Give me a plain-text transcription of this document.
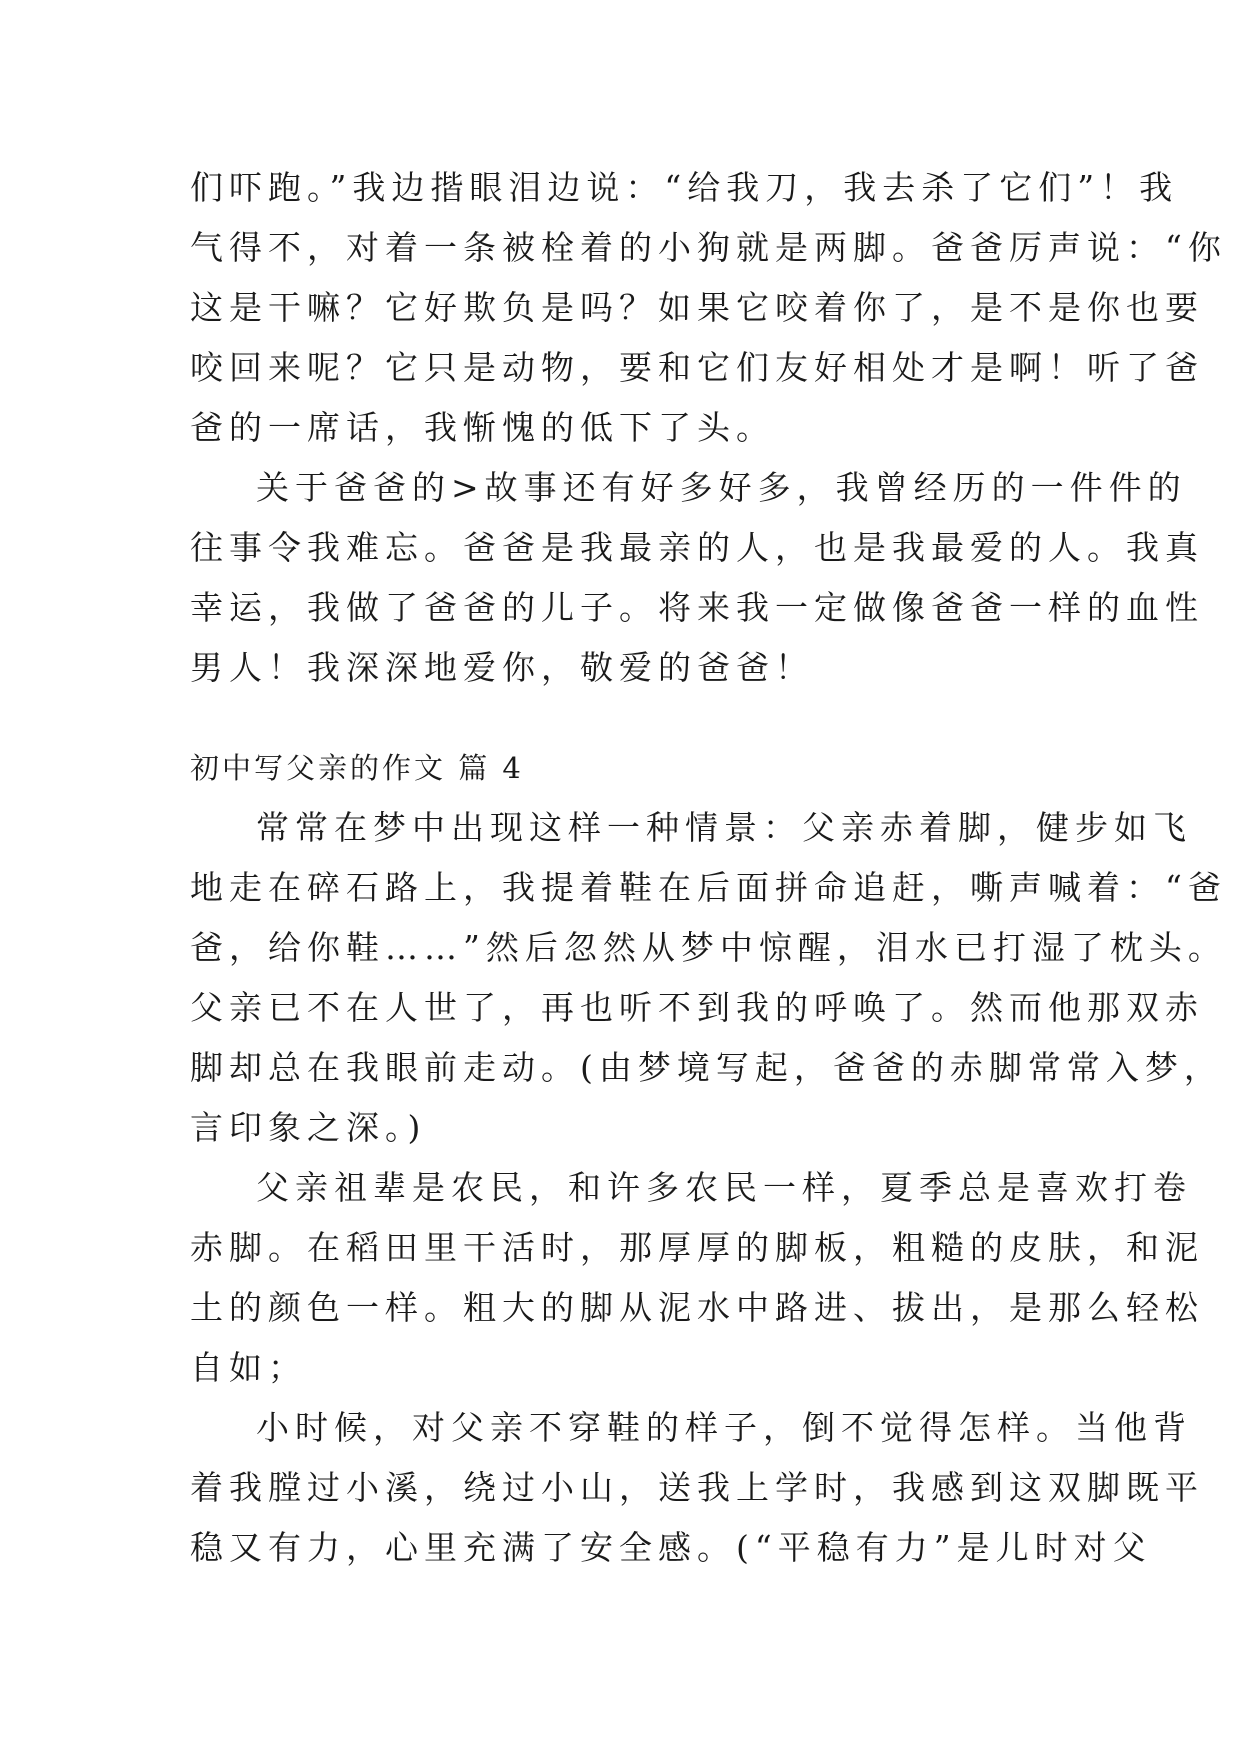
们吓跑。”我边揩眼泪边说：“给我刀，我去杀了它们”！我
气得不，对着一条被栓着的小狗就是两脚。爸爸厉声说：“你
这是干嘛？它好欺负是吗？如果它咬着你了，是不是你也要
咬回来呢？它只是动物，要和它们友好相处才是啊！听了爸
爸的一席话，我惭愧的低下了头。
关于爸爸的>故事还有好多好多，我曾经历的一件件的
往事令我难忘。爸爸是我最亲的人，也是我最爱的人。我真
幸运，我做了爸爸的儿子。将来我一定做像爸爸一样的血性
男人！我深深地爱你，敬爱的爸爸！
初中写父亲的作文 篇 4
常常在梦中出现这样一种情景：父亲赤着脚，健步如飞
地走在碎石路上，我提着鞋在后面拼命追赶，嘶声喊着：“爸
爸，给你鞋……”然后忽然从梦中惊醒，泪水已打湿了枕头。
父亲已不在人世了，再也听不到我的呼唤了。然而他那双赤
脚却总在我眼前走动。(由梦境写起，爸爸的赤脚常常入梦，
言印象之深。)
父亲祖辈是农民，和许多农民一样，夏季总是喜欢打卷
赤脚。在稻田里干活时，那厚厚的脚板，粗糙的皮肤，和泥
土的颜色一样。粗大的脚从泥水中路进、拔出，是那么轻松
自如；
小时候，对父亲不穿鞋的样子，倒不觉得怎样。当他背
着我膛过小溪，绕过小山，送我上学时，我感到这双脚既平
稳又有力，心里充满了安全感。(“平稳有力”是儿时对父
